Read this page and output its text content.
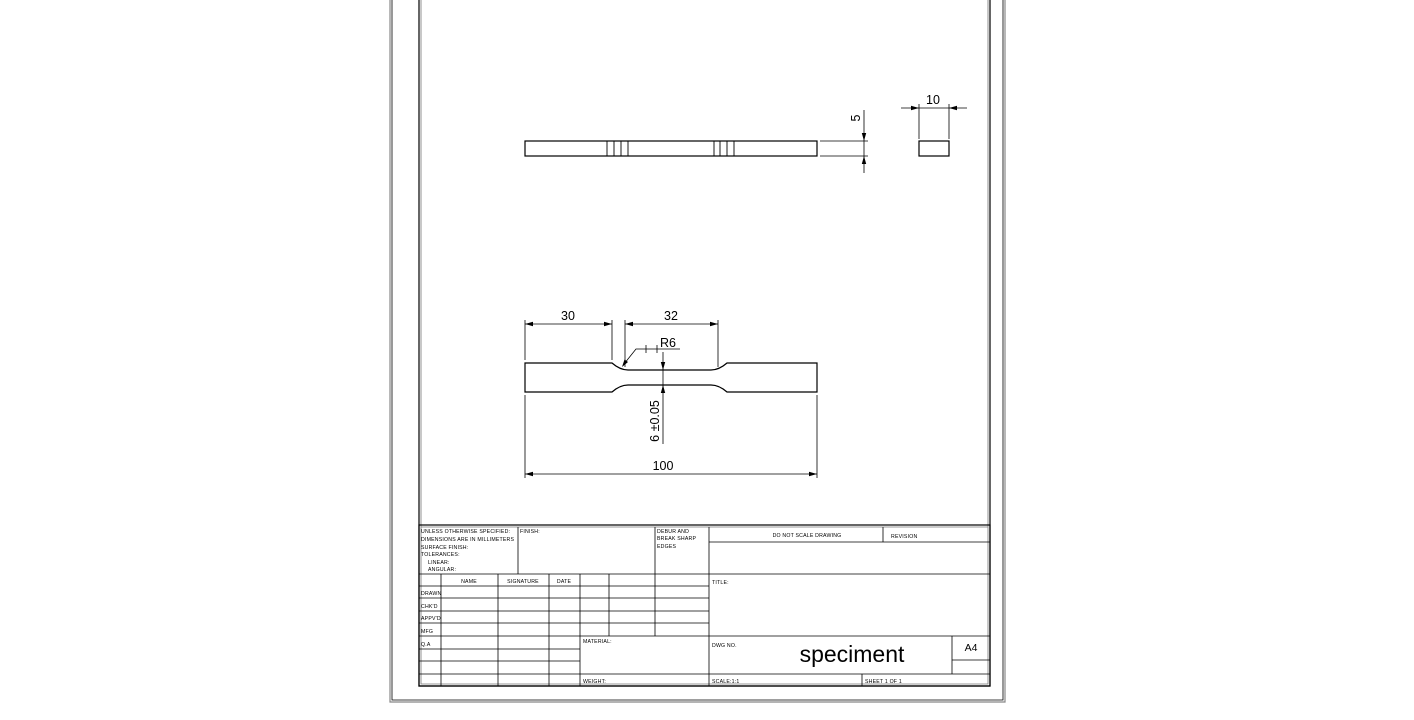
5
10
30	32
R6
6 ±0.05
100
UNLESS OTHERWISE SPECIFIED:
DIMENSIONS ARE IN MILLIMETERS
SURFACE FINISH:
TOLERANCES:
LINEAR:
ANGULAR:
FINISH:	DEBUR AND
BREAK SHARP
EDGES
DO NOT SCALE DRAWING	REVISION
NAME	SIGNATURE	DATE
DRAWN
CHK'D
APPV'D
MFG
Q.A
TITLE:
MATERIAL:
WEIGHT:
DWG NO.
SCALE:1:1	SHEET 1 OF 1
speciment	A4
